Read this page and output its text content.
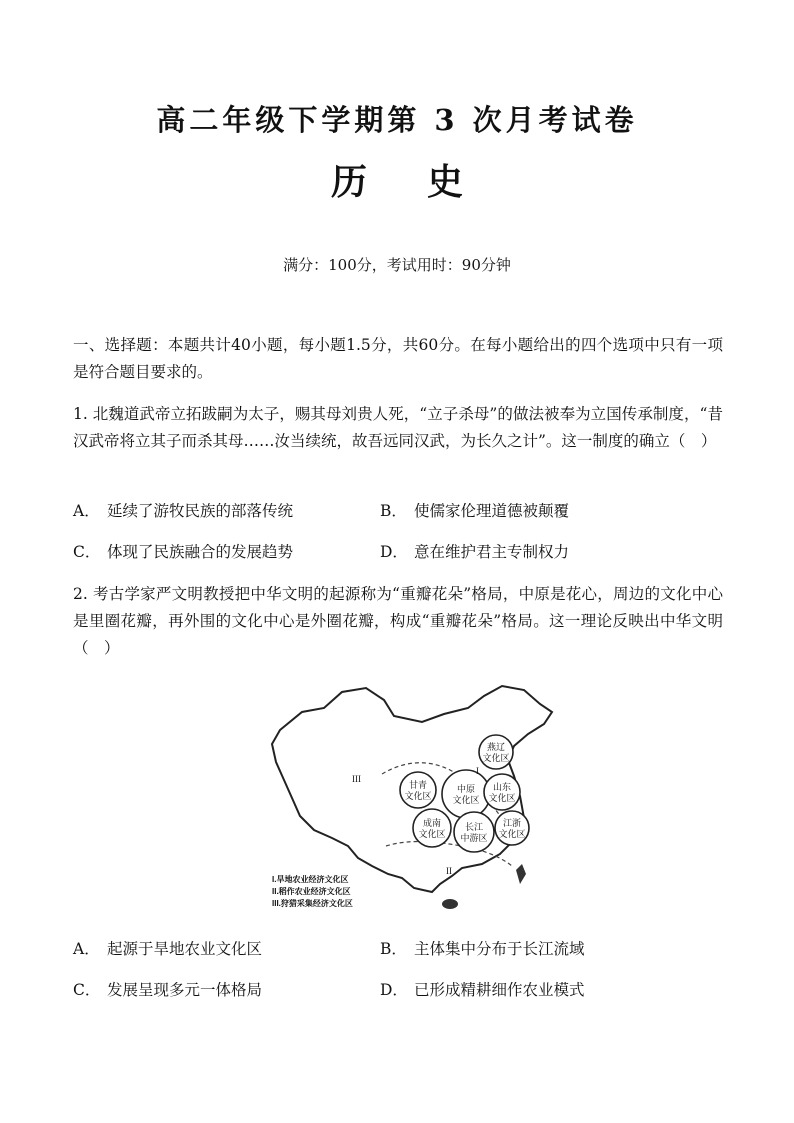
高二年级下学期第 3 次月考试卷
历史
满分：100分，考试用时：90分钟
一、选择题：本题共计40小题，每小题1.5分，共60分。在每小题给出的四个选项中只有一项是符合题目要求的。
1. 北魏道武帝立拓跋嗣为太子，赐其母刘贵人死，“立子杀母”的做法被奉为立国传承制度，“昔汉武帝将立其子而杀其母……汝当续统，故吾远同汉武，为长久之计”。这一制度的确立（　）
A． 延续了游牧民族的部落传统	B． 使儒家伦理道德被颠覆
C． 体现了民族融合的发展趋势	D． 意在维护君主专制权力
2. 考古学家严文明教授把中华文明的起源称为“重瓣花朵”格局，中原是花心，周边的文化中心是里圈花瓣，再外围的文化中心是外圈花瓣，构成“重瓣花朵”格局。这一理论反映出中华文明（　）
燕辽
文化区
甘青
文化区
中原
文化区
山东
文化区
成南
文化区
长江
中游区
江浙
文化区
III
I
II
I.旱地农业经济文化区
II.稻作农业经济文化区
III.狩猎采集经济文化区
A． 起源于旱地农业文化区	B． 主体集中分布于长江流域
C． 发展呈现多元一体格局	D． 已形成精耕细作农业模式
